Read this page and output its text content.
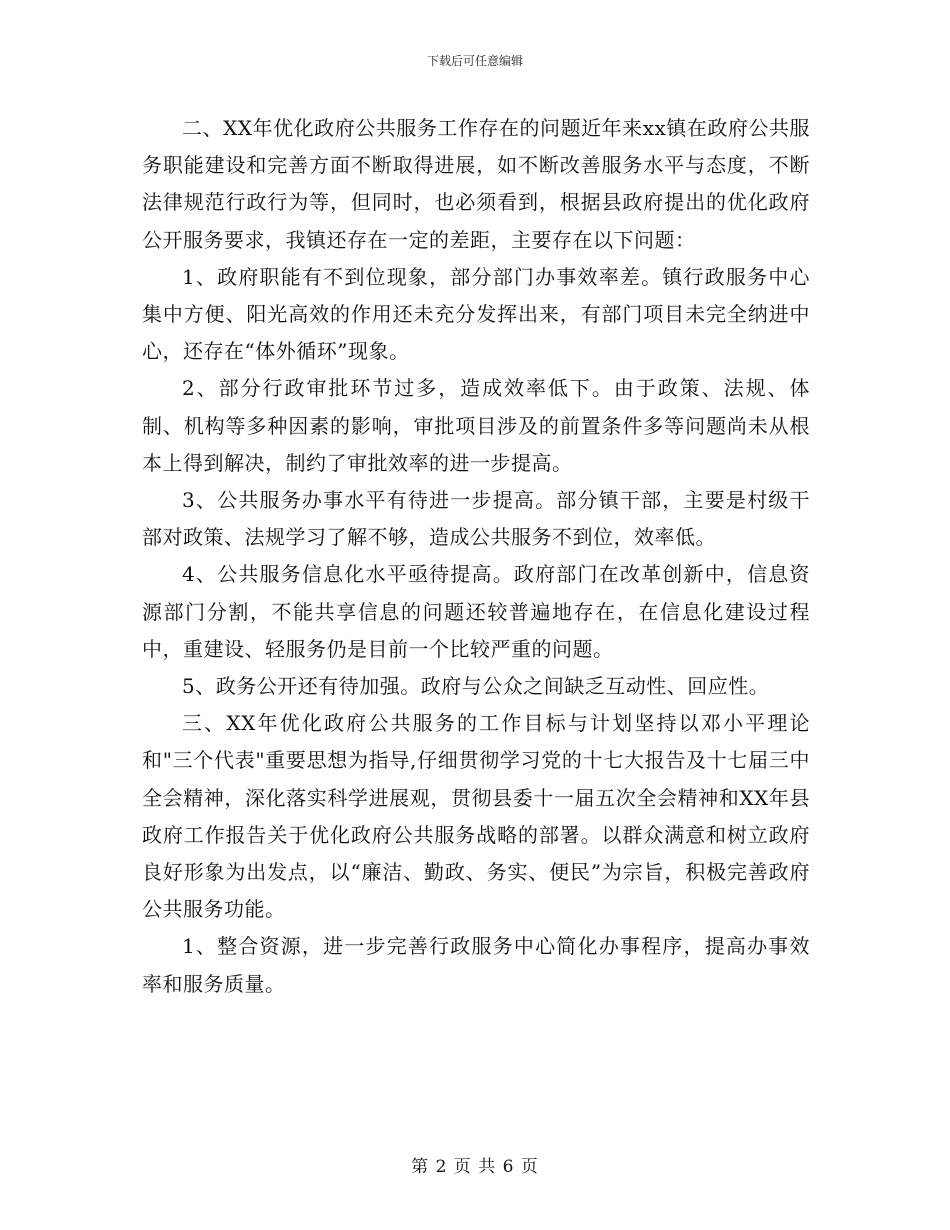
下载后可任意编辑

二、XX年优化政府公共服务工作存在的问题近年来xx镇在政府公共服务职能建设和完善方面不断取得进展，如不断改善服务水平与态度，不断法律规范行政行为等，但同时，也必须看到，根据县政府提出的优化政府公开服务要求，我镇还存在一定的差距，主要存在以下问题：

1、政府职能有不到位现象，部分部门办事效率差。镇行政服务中心集中方便、阳光高效的作用还未充分发挥出来，有部门项目未完全纳进中心，还存在“体外循环”现象。

2、部分行政审批环节过多，造成效率低下。由于政策、法规、体制、机构等多种因素的影响，审批项目涉及的前置条件多等问题尚未从根本上得到解决，制约了审批效率的进一步提高。

3、公共服务办事水平有待进一步提高。部分镇干部，主要是村级干部对政策、法规学习了解不够，造成公共服务不到位，效率低。

4、公共服务信息化水平亟待提高。政府部门在改革创新中，信息资源部门分割，不能共享信息的问题还较普遍地存在，在信息化建设过程中，重建设、轻服务仍是目前一个比较严重的问题。

5、政务公开还有待加强。政府与公众之间缺乏互动性、回应性。

三、XX年优化政府公共服务的工作目标与计划坚持以邓小平理论和"三个代表"重要思想为指导,仔细贯彻学习党的十七大报告及十七届三中全会精神，深化落实科学进展观，贯彻县委十一届五次全会精神和XX年县政府工作报告关于优化政府公共服务战略的部署。以群众满意和树立政府良好形象为出发点，以“廉洁、勤政、务实、便民”为宗旨，积极完善政府公共服务功能。

1、整合资源，进一步完善行政服务中心简化办事程序，提高办事效率和服务质量。

第 2 页 共 6 页
